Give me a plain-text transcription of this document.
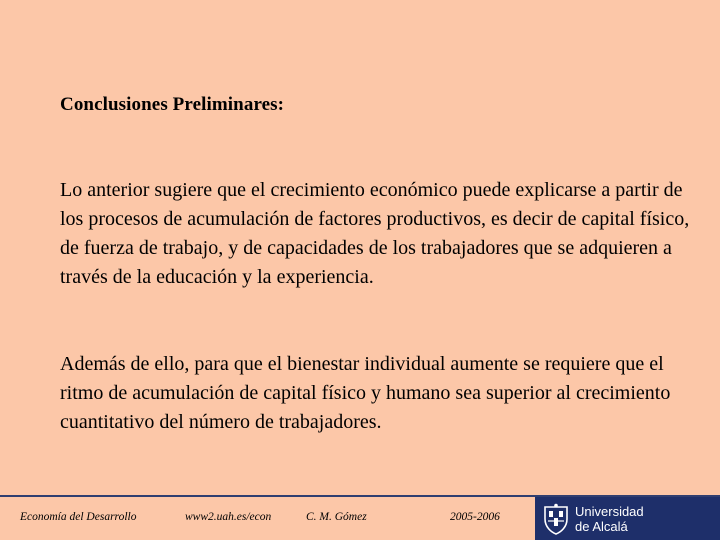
Conclusiones Preliminares:
Lo anterior sugiere que el crecimiento económico puede explicarse a partir de los procesos de acumulación de factores productivos, es decir de capital físico, de fuerza de trabajo, y de capacidades de los trabajadores que se adquieren a través de la educación y la experiencia.
Además de ello, para que el bienestar individual aumente se requiere que el ritmo de acumulación de capital físico y humano sea superior al crecimiento cuantitativo del número de trabajadores.
Economía del Desarrollo	www2.uah.es/econ	C. M. Gómez	2005-2006	Universidad
de Alcalá
